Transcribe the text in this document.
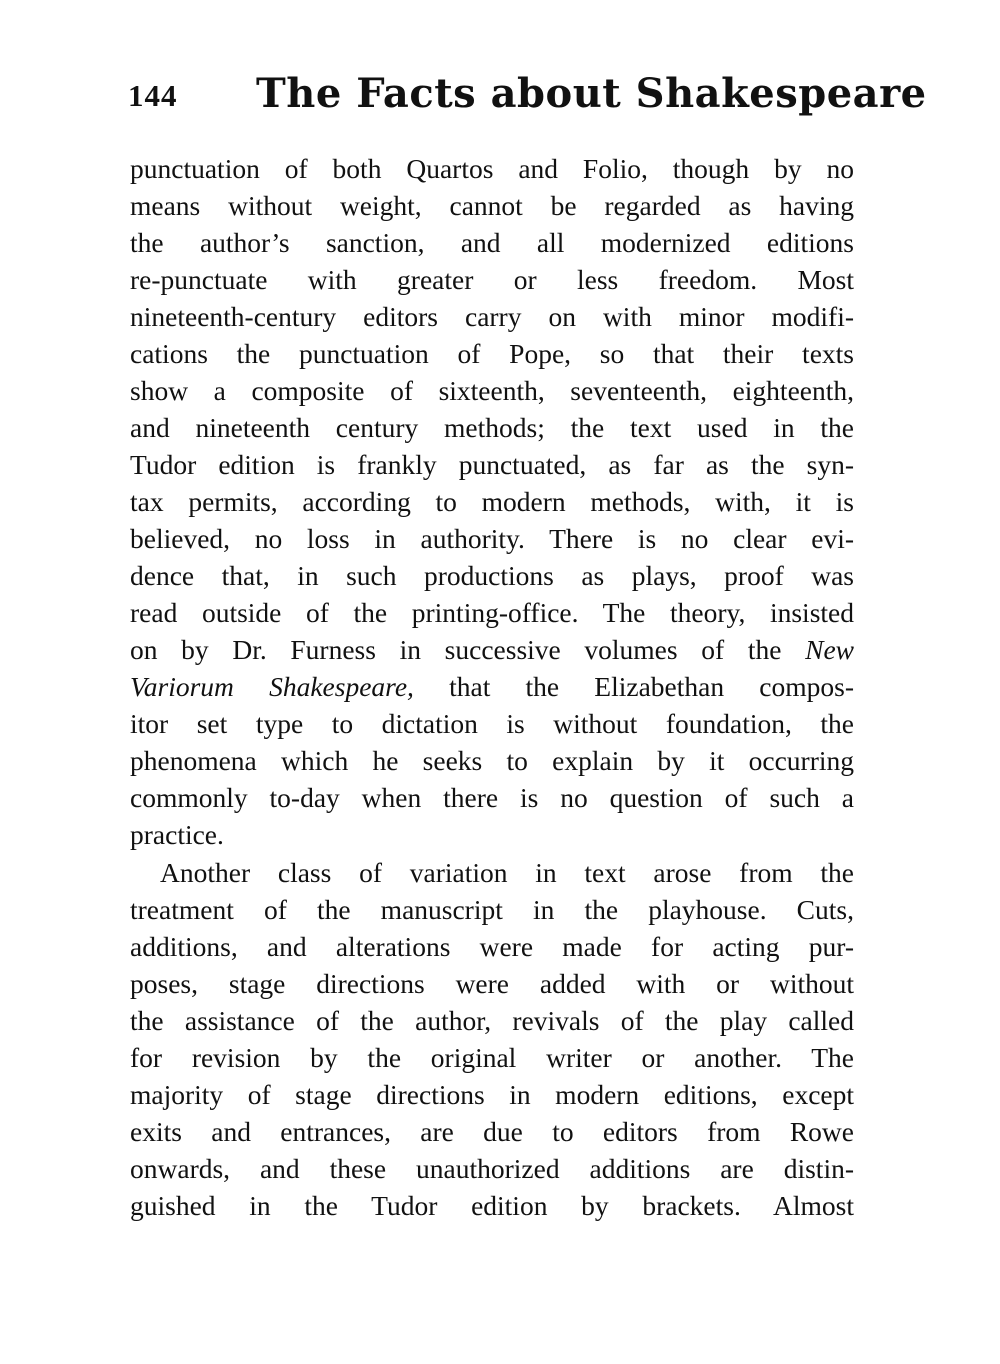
144 The Facts about Shakespeare
punctuation of both Quartos and Folio, though by no
means without weight, cannot be regarded as having
the author’s sanction, and all modernized editions
re-punctuate with greater or less freedom. Most
nineteenth-century editors carry on with minor modifi-
cations the punctuation of Pope, so that their texts
show a composite of sixteenth, seventeenth, eighteenth,
and nineteenth century methods; the text used in the
Tudor edition is frankly punctuated, as far as the syn-
tax permits, according to modern methods, with, it is
believed, no loss in authority. There is no clear evi-
dence that, in such productions as plays, proof was
read outside of the printing-office. The theory, insisted
on by Dr. Furness in successive volumes of the New
Variorum Shakespeare, that the Elizabethan compos-
itor set type to dictation is without foundation, the
phenomena which he seeks to explain by it occurring
commonly to-day when there is no question of such a
practice.
Another class of variation in text arose from the
treatment of the manuscript in the playhouse. Cuts,
additions, and alterations were made for acting pur-
poses, stage directions were added with or without
the assistance of the author, revivals of the play called
for revision by the original writer or another. The
majority of stage directions in modern editions, except
exits and entrances, are due to editors from Rowe
onwards, and these unauthorized additions are distin-
guished in the Tudor edition by brackets. Almost
